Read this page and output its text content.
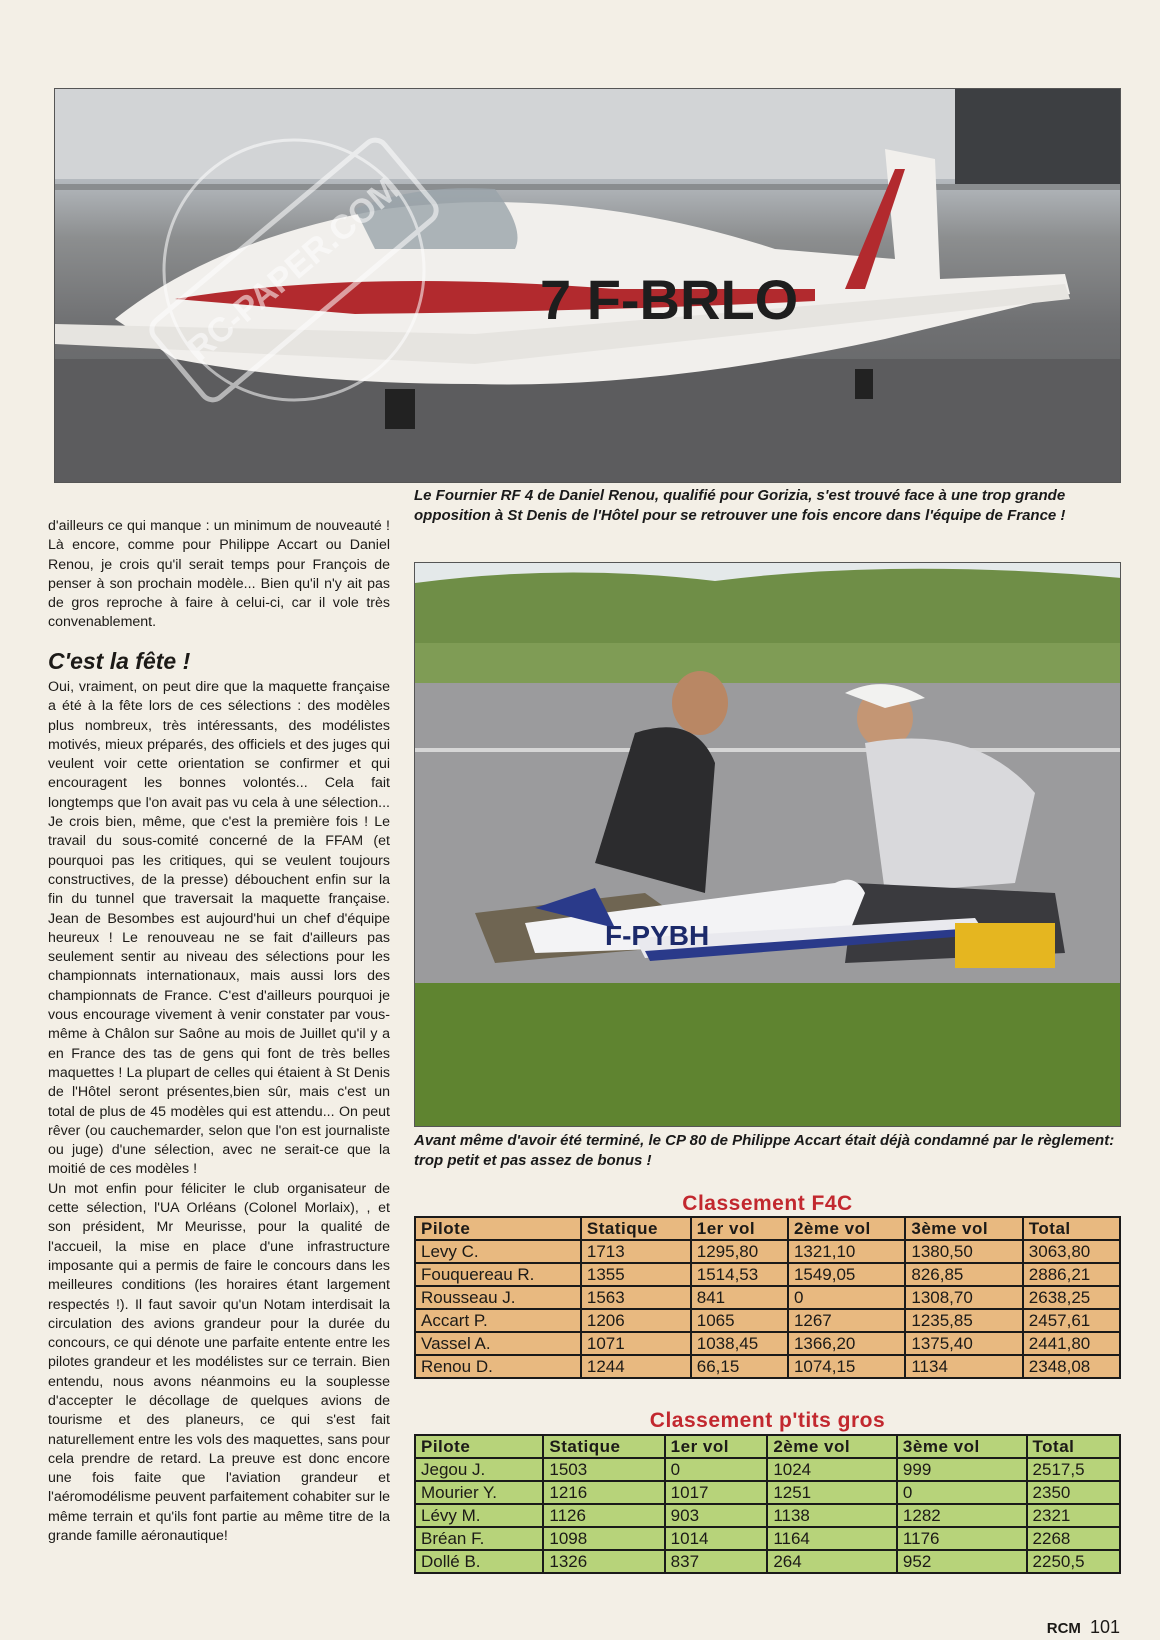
7 F-BRLO
RC-PAPER.COM
Le Fournier RF 4 de Daniel Renou, qualifié pour Gorizia, s'est trouvé face à une trop grande opposition à St Denis de l'Hôtel pour se retrouver une fois encore dans l'équipe de France !
d'ailleurs ce qui manque : un minimum de nouveauté ! Là encore, comme pour Philippe Accart ou Daniel Renou, je crois qu'il serait temps pour François de penser à son prochain modèle... Bien qu'il n'y ait pas de gros reproche à faire à celui-ci, car il vole très convenablement.
C'est la fête !

Oui, vraiment, on peut dire que la maquette française a été à la fête lors de ces sélections : des modèles plus nombreux, très intéressants, des modélistes motivés, mieux préparés, des officiels et des juges qui veulent voir cette orientation se confirmer et qui encouragent les bonnes volontés... Cela fait longtemps que l'on avait pas vu cela à une sélection... Je crois bien, même, que c'est la première fois ! Le travail du sous-comité concerné de la FFAM (et pourquoi pas les critiques, qui se veulent toujours constructives, de la presse) débouchent enfin sur la fin du tunnel que traversait la maquette française. Jean de Besombes est aujourd'hui un chef d'équipe heureux ! Le renouveau ne se fait d'ailleurs pas seulement sentir au niveau des sélections pour les championnats internationaux, mais aussi lors des championnats de France. C'est d'ailleurs pourquoi je vous encourage vivement à venir constater par vous-même à Châlon sur Saône au mois de Juillet qu'il y a en France des tas de gens qui font de très belles maquettes ! La plupart de celles qui étaient à St Denis de l'Hôtel seront présentes,bien sûr, mais c'est un total de plus de 45 modèles qui est attendu... On peut rêver (ou cauchemarder, selon que l'on est journaliste ou juge) d'une sélection, avec ne serait-ce que la moitié de ces modèles !

Un mot enfin pour féliciter le club organisateur de cette sélection, l'UA Orléans (Colonel Morlaix), , et son président, Mr Meurisse, pour la qualité de l'accueil, la mise en place d'une infrastructure imposante qui a permis de faire le concours dans les meilleures conditions (les horaires étant largement respectés !). Il faut savoir qu'un Notam interdisait la circulation des avions grandeur pour la durée du concours, ce qui dénote une parfaite entente entre les pilotes grandeur et les modélistes sur ce terrain. Bien entendu, nous avons néanmoins eu la souplesse d'accepter le décollage de quelques avions de tourisme et des planeurs, ce qui s'est fait naturellement entre les vols des maquettes, sans pour cela prendre de retard. La preuve est donc encore une fois faite que l'aviation grandeur et l'aéromodélisme peuvent parfaitement cohabiter sur le même terrain et qu'ils font partie au même titre de la grande famille aéronautique!

F-PYBH
Avant même d'avoir été terminé, le CP 80 de Philippe Accart était déjà condamné par le règlement: trop petit et pas assez de bonus !
Classement F4C
Pilote	Statique	1er vol	2ème vol	3ème vol	Total
Levy C.	1713	1295,80	1321,10	1380,50	3063,80
Fouquereau R.	1355	1514,53	1549,05	826,85	2886,21
Rousseau J.	1563	841	0	1308,70	2638,25
Accart P.	1206	1065	1267	1235,85	2457,61
Vassel A.	1071	1038,45	1366,20	1375,40	2441,80
Renou D.	1244	66,15	1074,15	1134	2348,08
Classement p'tits gros
Pilote	Statique	1er vol	2ème vol	3ème vol	Total
Jegou J.	1503	0	1024	999	2517,5
Mourier Y.	1216	1017	1251	0	2350
Lévy M.	1126	903	1138	1282	2321
Bréan F.	1098	1014	1164	1176	2268
Dollé B.	1326	837	264	952	2250,5
RCM 101
